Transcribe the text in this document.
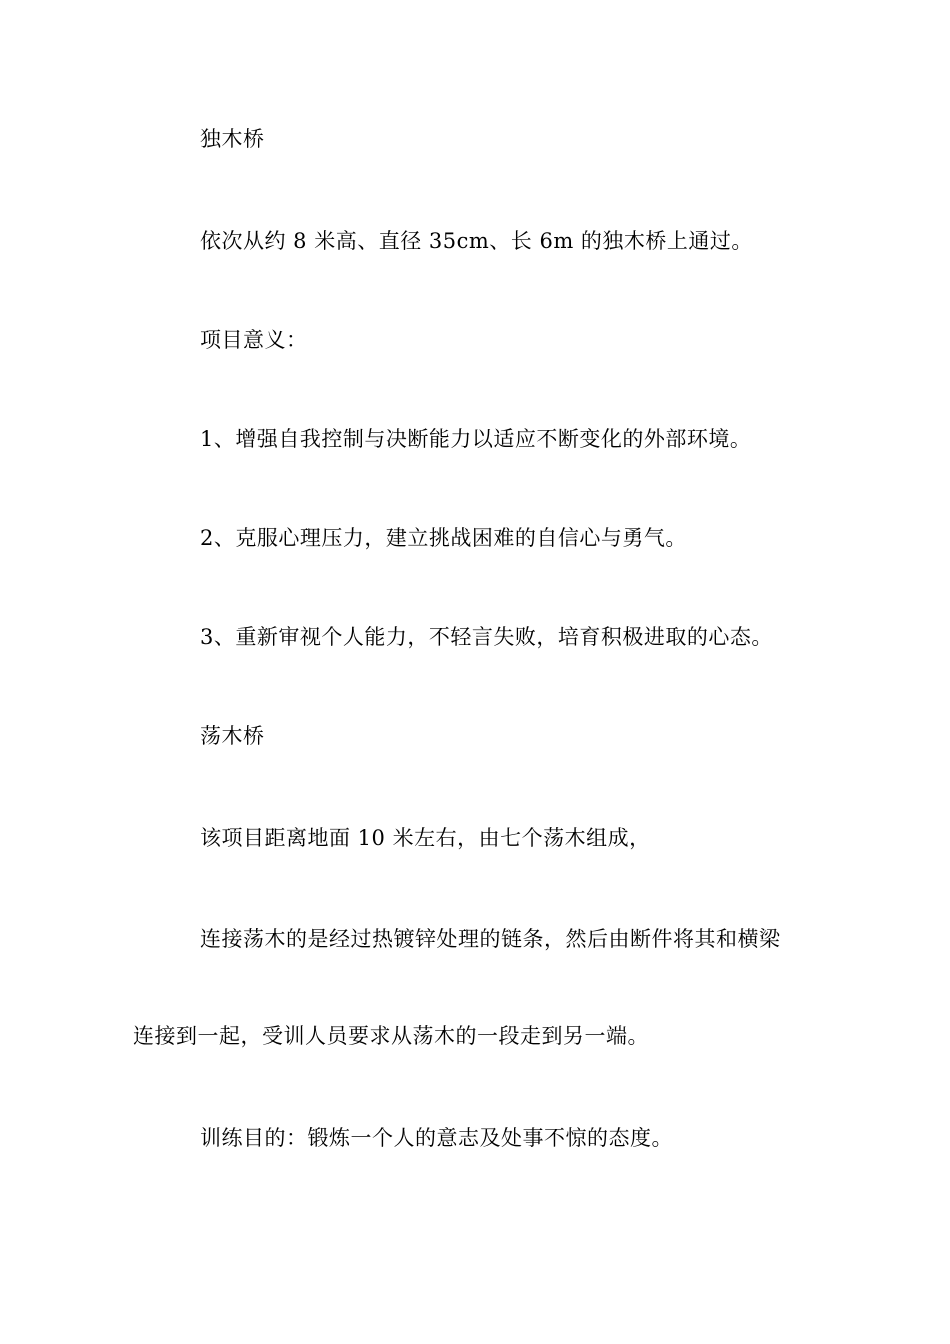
独木桥
依次从约 8 米高、直径 35cm、长 6m 的独木桥上通过。
项目意义：
1、增强自我控制与决断能力以适应不断变化的外部环境。
2、克服心理压力，建立挑战困难的自信心与勇气。
3、重新审视个人能力，不轻言失败，培育积极进取的心态。
荡木桥
该项目距离地面 10 米左右，由七个荡木组成，
连接荡木的是经过热镀锌处理的链条，然后由断件将其和横梁
连接到一起，受训人员要求从荡木的一段走到另一端。
训练目的：锻炼一个人的意志及处事不惊的态度。
